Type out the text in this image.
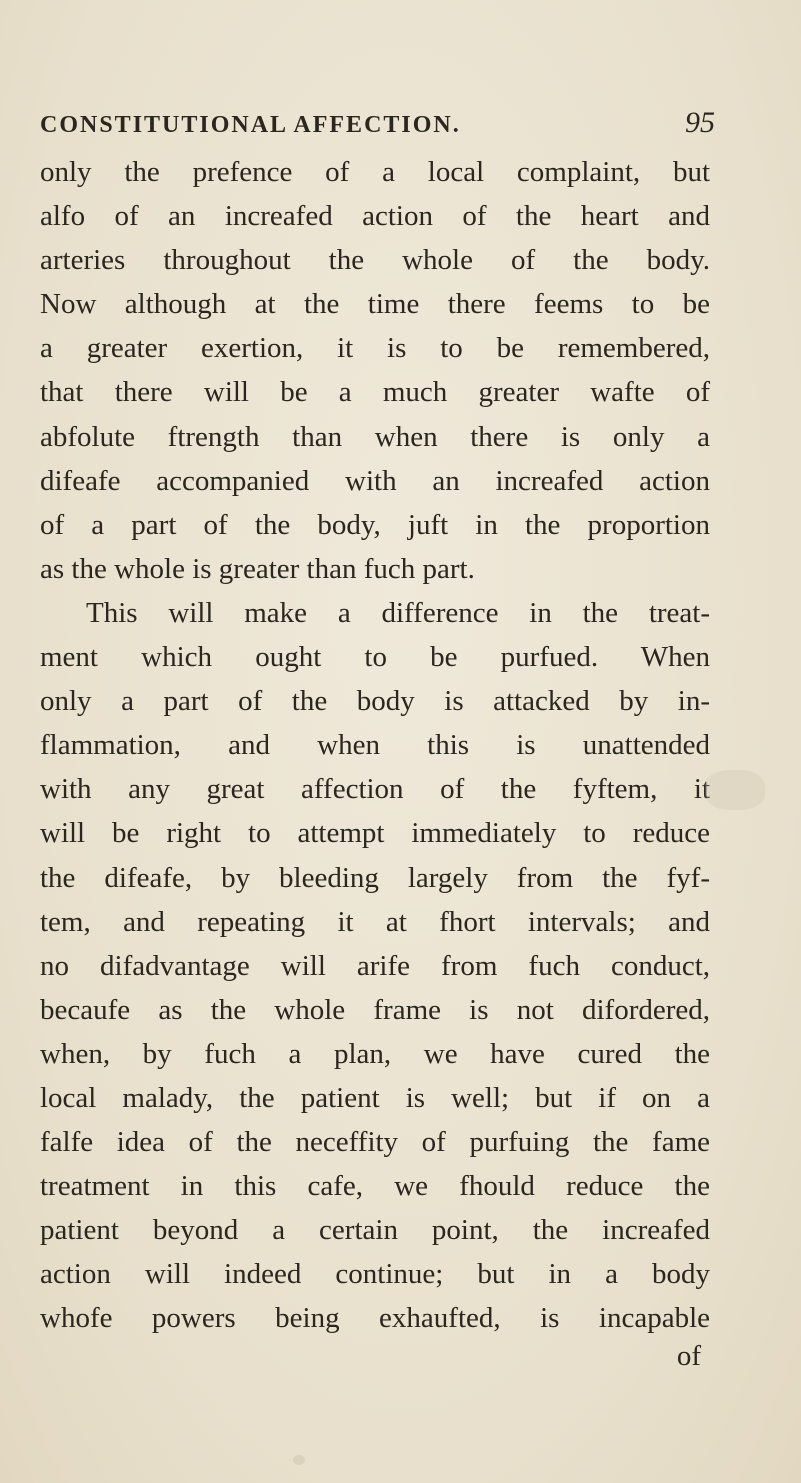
CONSTITUTIONAL AFFECTION.	95
only the prefence of a local complaint, but
alfo of an increafed action of the heart and
arteries throughout the whole of the body.
Now although at the time there feems to be
a greater exertion, it is to be remembered,
that there will be a much greater wafte of
abfolute ftrength than when there is only a
difeafe accompanied with an increafed action
of a part of the body, juft in the proportion
as the whole is greater than fuch part.
This will make a difference in the treat-
ment which ought to be purfued. When
only a part of the body is attacked by in-
flammation, and when this is unattended
with any great affection of the fyftem, it
will be right to attempt immediately to reduce
the difeafe, by bleeding largely from the fyf-
tem, and repeating it at fhort intervals; and
no difadvantage will arife from fuch conduct,
becaufe as the whole frame is not difordered,
when, by fuch a plan, we have cured the
local malady, the patient is well; but if on a
falfe idea of the neceffity of purfuing the fame
treatment in this cafe, we fhould reduce the
patient beyond a certain point, the increafed
action will indeed continue; but in a body
whofe powers being exhaufted, is incapable
of
